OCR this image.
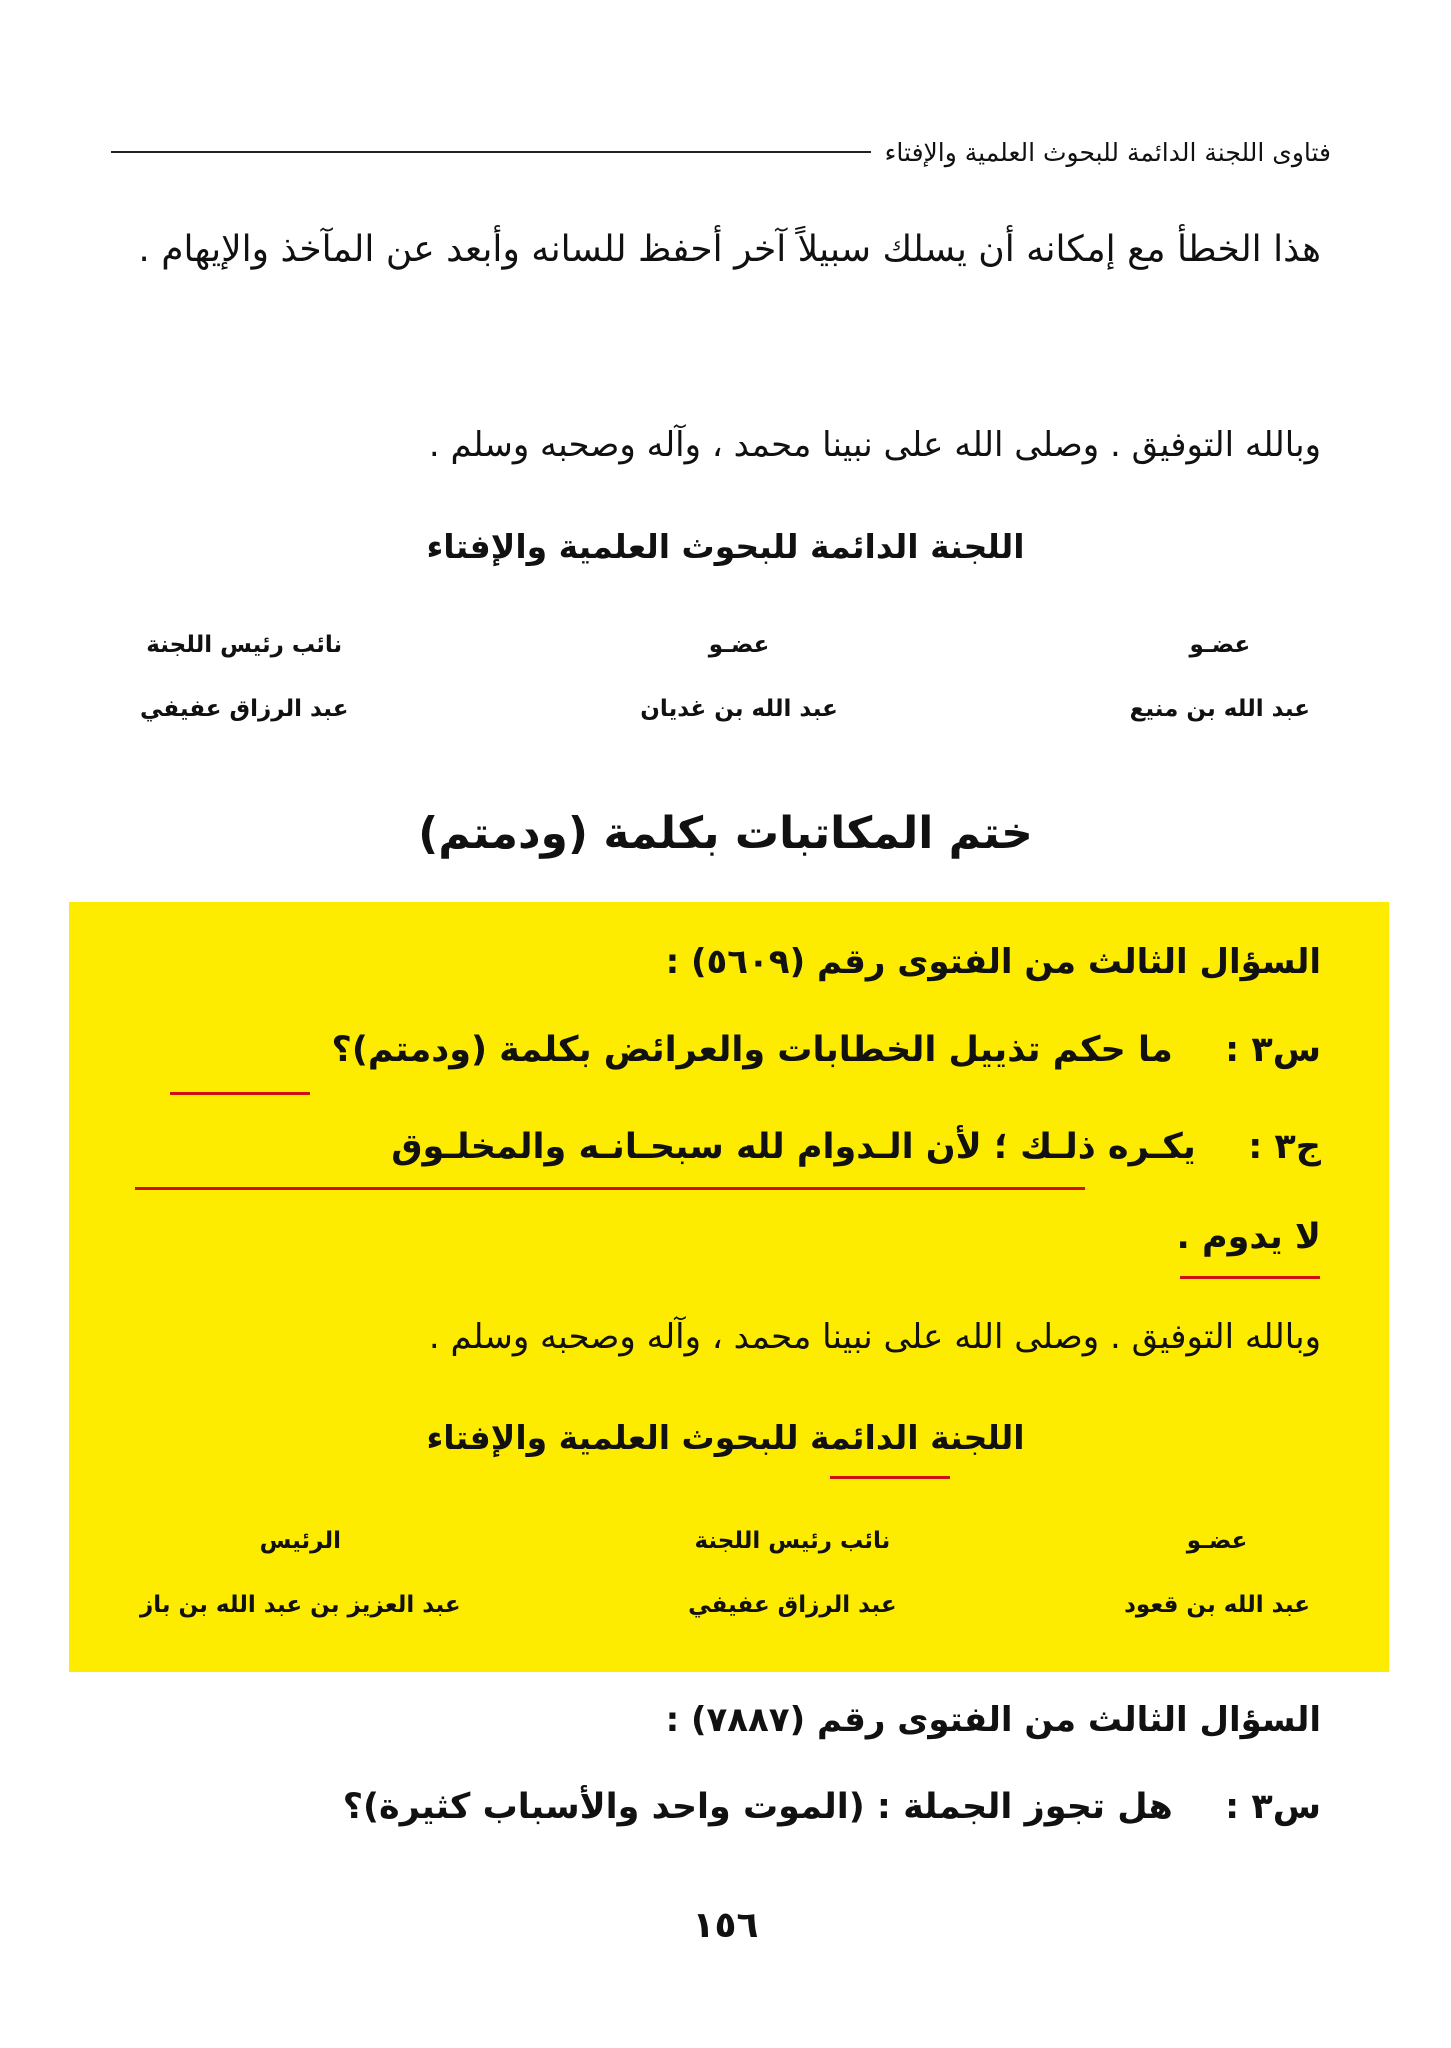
فتاوى اللجنة الدائمة للبحوث العلمية والإفتاء
هذا الخطأ مع إمكانه أن يسلك سبيلاً آخر أحفظ للسانه وأبعد عن المآخذ والإيهام .
وبالله التوفيق . وصلى الله على نبينا محمد ، وآله وصحبه وسلم .
اللجنة الدائمة للبحوث العلمية والإفتاء
عضـو
عبد الله بن منيع
عضـو
عبد الله بن غديان
نائب رئيس اللجنة
عبد الرزاق عفيفي
ختم المكاتبات بكلمة (ودمتم)
السؤال الثالث من الفتوى رقم (٥٦٠٩) :
س٣ :  ما حكم تذييل الخطابات والعرائض بكلمة (ودمتم)؟
ج٣ :  يكـره ذلـك ؛ لأن الـدوام لله سبحـانـه والمخلـوق
لا يدوم .
وبالله التوفيق . وصلى الله على نبينا محمد ، وآله وصحبه وسلم .
اللجنة الدائمة للبحوث العلمية والإفتاء
عضـو
عبد الله بن قعود
نائب رئيس اللجنة
عبد الرزاق عفيفي
الرئيس
عبد العزيز بن عبد الله بن باز
السؤال الثالث من الفتوى رقم (٧٨٨٧) :
س٣ :  هل تجوز الجملة : (الموت واحد والأسباب كثيرة)؟
١٥٦
